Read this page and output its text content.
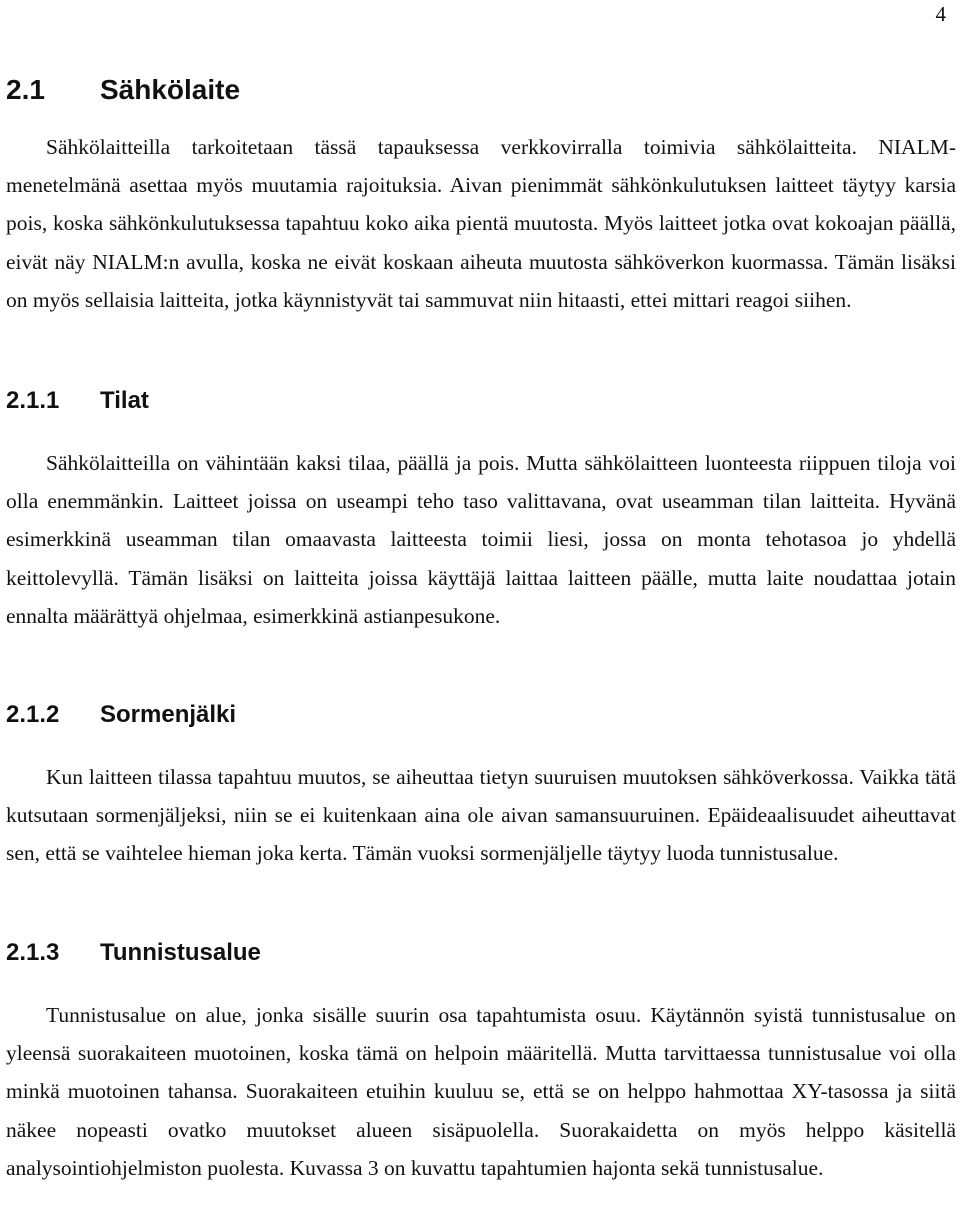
4
2.1 Sähkölaite

Sähkölaitteilla tarkoitetaan tässä tapauksessa verkkovirralla toimivia sähkölaitteita. NIALM-menetelmänä asettaa myös muutamia rajoituksia. Aivan pienimmät sähkönkulutuksen laitteet täytyy karsia pois, koska sähkönkulutuksessa tapahtuu koko aika pientä muutosta. Myös laitteet jotka ovat kokoajan päällä, eivät näy NIALM:n avulla, koska ne eivät koskaan aiheuta muutosta sähköverkon kuormassa. Tämän lisäksi on myös sellaisia laitteita, jotka käynnistyvät tai sammuvat niin hitaasti, ettei mittari reagoi siihen.

2.1.1 Tilat

Sähkölaitteilla on vähintään kaksi tilaa, päällä ja pois. Mutta sähkölaitteen luonteesta riippuen tiloja voi olla enemmänkin. Laitteet joissa on useampi teho taso valittavana, ovat useamman tilan laitteita. Hyvänä esimerkkinä useamman tilan omaavasta laitteesta toimii liesi, jossa on monta tehotasoa jo yhdellä keittolevyllä. Tämän lisäksi on laitteita joissa käyttäjä laittaa laitteen päälle, mutta laite noudattaa jotain ennalta määrättyä ohjelmaa, esimerkkinä astianpesukone.

2.1.2 Sormenjälki

Kun laitteen tilassa tapahtuu muutos, se aiheuttaa tietyn suuruisen muutoksen sähköverkossa. Vaikka tätä kutsutaan sormenjäljeksi, niin se ei kuitenkaan aina ole aivan samansuuruinen. Epäideaalisuudet aiheuttavat sen, että se vaihtelee hieman joka kerta. Tämän vuoksi sormenjäljelle täytyy luoda tunnistusalue.

2.1.3 Tunnistusalue

Tunnistusalue on alue, jonka sisälle suurin osa tapahtumista osuu. Käytännön syistä tunnistusalue on yleensä suorakaiteen muotoinen, koska tämä on helpoin määritellä. Mutta tarvittaessa tunnistusalue voi olla minkä muotoinen tahansa. Suorakaiteen etuihin kuuluu se, että se on helppo hahmottaa XY-tasossa ja siitä näkee nopeasti ovatko muutokset alueen sisäpuolella. Suorakaidetta on myös helppo käsitellä analysointiohjelmiston puolesta. Kuvassa 3 on kuvattu tapahtumien hajonta sekä tunnistusalue.
